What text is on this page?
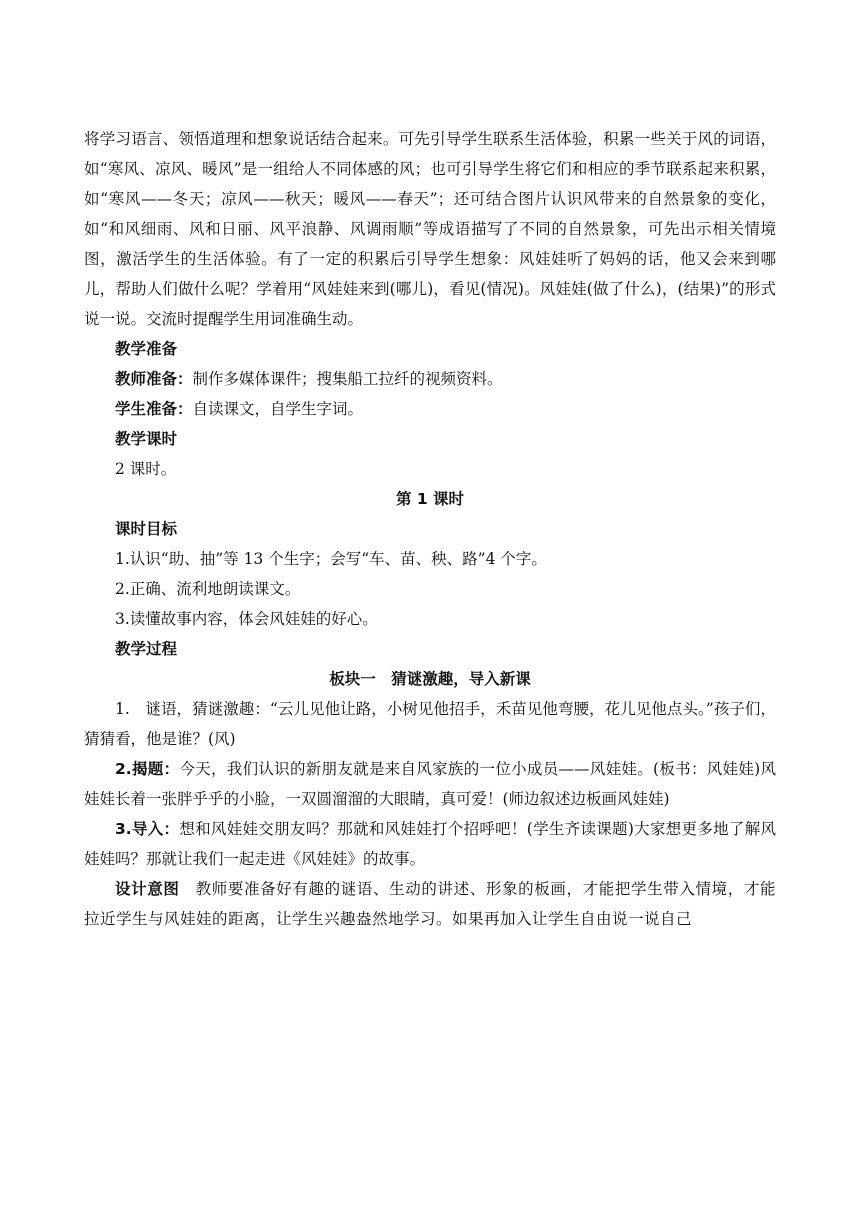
将学习语言、领悟道理和想象说话结合起来。可先引导学生联系生活体验，积累一些关于风的词语，如“寒风、凉风、暖风”是一组给人不同体感的风；也可引导学生将它们和相应的季节联系起来积累，如“寒风——冬天；凉风——秋天；暖风——春天”；还可结合图片认识风带来的自然景象的变化，如“和风细雨、风和日丽、风平浪静、风调雨顺”等成语描写了不同的自然景象，可先出示相关情境图，激活学生的生活体验。有了一定的积累后引导学生想象：风娃娃听了妈妈的话，他又会来到哪儿，帮助人们做什么呢？学着用“风娃娃来到(哪儿)，看见(情况)。风娃娃(做了什么)，(结果)”的形式说一说。交流时提醒学生用词准确生动。

教学准备

教师准备：制作多媒体课件；搜集船工拉纤的视频资料。

学生准备：自读课文，自学生字词。

教学课时

2 课时。

第 1 课时

课时目标

1.认识“助、抽”等 13 个生字；会写“车、苗、秧、路”4 个字。

2.正确、流利地朗读课文。

3.读懂故事内容，体会风娃娃的好心。

教学过程

板块一　猜谜激趣，导入新课

1.　谜语，猜谜激趣：“云儿见他让路，小树见他招手，禾苗见他弯腰，花儿见他点头。”孩子们，猜猜看，他是谁？(风)

2.揭题：今天，我们认识的新朋友就是来自风家族的一位小成员——风娃娃。(板书：风娃娃)风娃娃长着一张胖乎乎的小脸，一双圆溜溜的大眼睛，真可爱！(师边叙述边板画风娃娃)

3.导入：想和风娃娃交朋友吗？那就和风娃娃打个招呼吧！(学生齐读课题)大家想更多地了解风娃娃吗？那就让我们一起走进《风娃娃》的故事。

设计意图　教师要准备好有趣的谜语、生动的讲述、形象的板画，才能把学生带入情境，才能拉近学生与风娃娃的距离，让学生兴趣盎然地学习。如果再加入让学生自由说一说自己
